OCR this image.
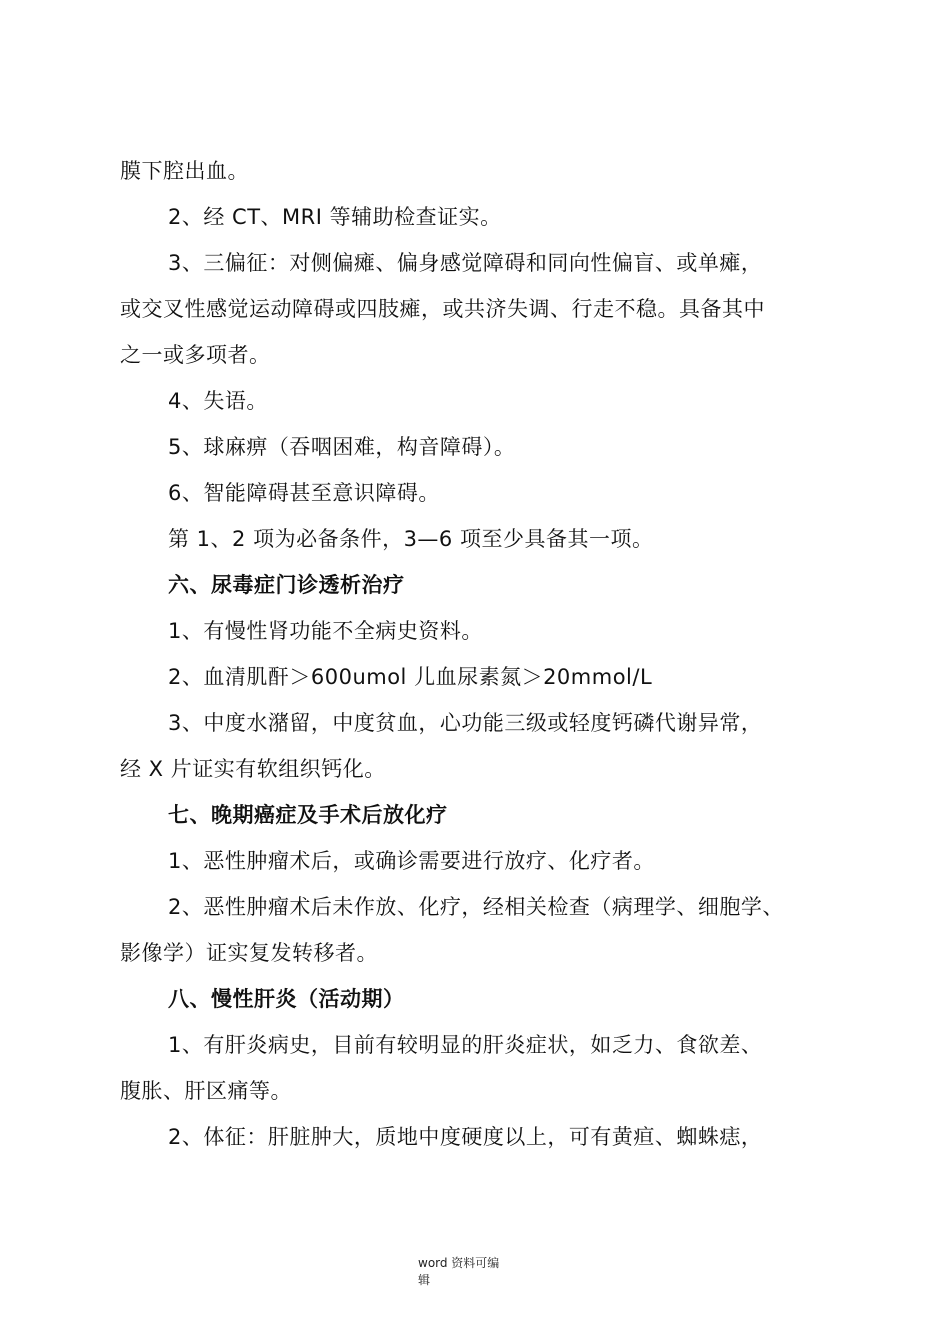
膜下腔出血。
2、经 CT、MRI 等辅助检查证实。
3、三偏征：对侧偏瘫、偏身感觉障碍和同向性偏盲、或单瘫，
或交叉性感觉运动障碍或四肢瘫，或共济失调、行走不稳。具备其中
之一或多项者。
4、失语。
5、球麻痹（吞咽困难，构音障碍）。
6、智能障碍甚至意识障碍。
第 1、2 项为必备条件，3—6 项至少具备其一项。
六、尿毒症门诊透析治疗
1、有慢性肾功能不全病史资料。
2、血清肌酐＞600umol 儿血尿素氮＞20mmol/L
3、中度水潴留，中度贫血，心功能三级或轻度钙磷代谢异常，
经 X 片证实有软组织钙化。
七、晚期癌症及手术后放化疗
1、恶性肿瘤术后，或确诊需要进行放疗、化疗者。
2、恶性肿瘤术后未作放、化疗，经相关检查（病理学、细胞学、
影像学）证实复发转移者。
八、慢性肝炎（活动期）
1、有肝炎病史，目前有较明显的肝炎症状，如乏力、食欲差、
腹胀、肝区痛等。
2、体征：肝脏肿大，质地中度硬度以上，可有黄疸、蜘蛛痣，
word 资料可编
辑
